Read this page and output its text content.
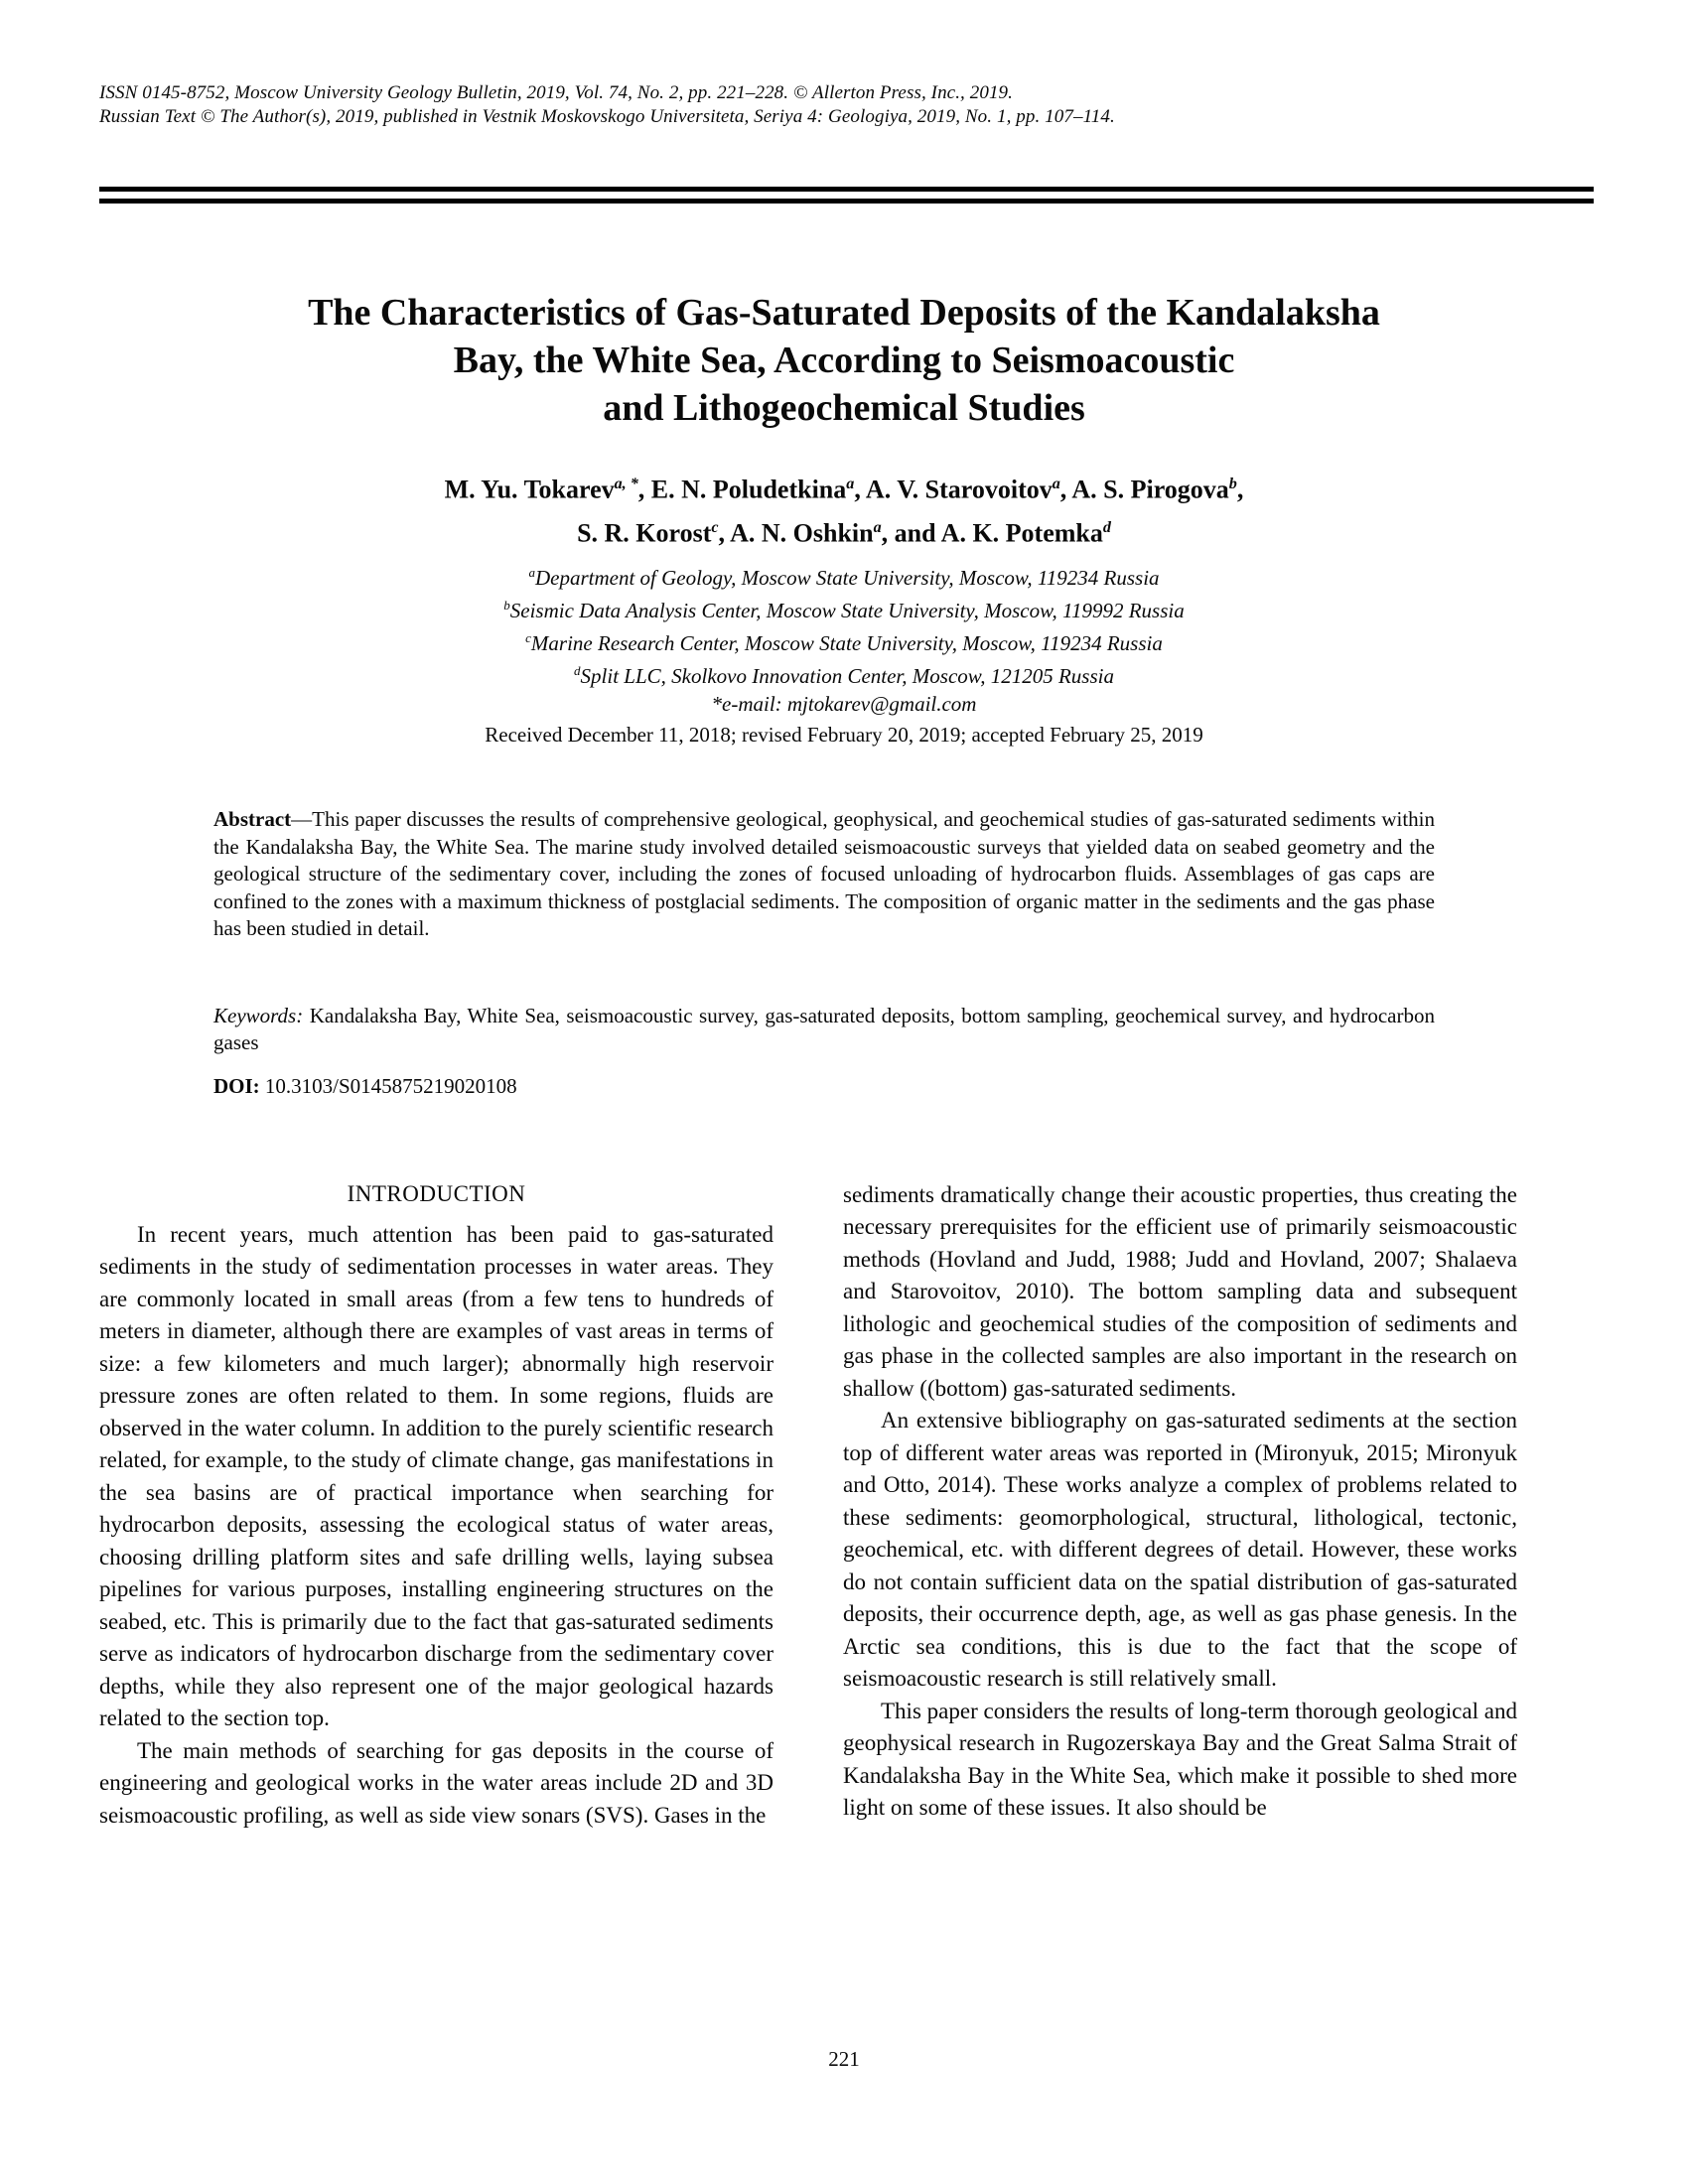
ISSN 0145-8752, Moscow University Geology Bulletin, 2019, Vol. 74, No. 2, pp. 221–228. © Allerton Press, Inc., 2019.
Russian Text © The Author(s), 2019, published in Vestnik Moskovskogo Universiteta, Seriya 4: Geologiya, 2019, No. 1, pp. 107–114.
The Characteristics of Gas-Saturated Deposits of the Kandalaksha
Bay, the White Sea, According to Seismoacoustic
and Lithogeochemical Studies
M. Yu. Tokarev$^{a, *}$, E. N. Poludetkina$^a$, A. V. Starovoitov$^a$, A. S. Pirogova$^b$,
S. R. Korost$^c$, A. N. Oshkin$^a$, and A. K. Potemka$^d$
$^a$Department of Geology, Moscow State University, Moscow, 119234 Russia
$^b$Seismic Data Analysis Center, Moscow State University, Moscow, 119992 Russia
$^c$Marine Research Center, Moscow State University, Moscow, 119234 Russia
$^d$Split LLC, Skolkovo Innovation Center, Moscow, 121205 Russia
*e-mail: mjtokarev@gmail.com
Received December 11, 2018; revised February 20, 2019; accepted February 25, 2019
Abstract—This paper discusses the results of comprehensive geological, geophysical, and geochemical studies of gas-saturated sediments within the Kandalaksha Bay, the White Sea. The marine study involved detailed seismoacoustic surveys that yielded data on seabed geometry and the geological structure of the sedimentary cover, including the zones of focused unloading of hydrocarbon fluids. Assemblages of gas caps are confined to the zones with a maximum thickness of postglacial sediments. The composition of organic matter in the sediments and the gas phase has been studied in detail.
Keywords: Kandalaksha Bay, White Sea, seismoacoustic survey, gas-saturated deposits, bottom sampling, geochemical survey, and hydrocarbon gases
DOI: 10.3103/S0145875219020108
INTRODUCTION

In recent years, much attention has been paid to gas-saturated sediments in the study of sedimentation processes in water areas. They are commonly located in small areas (from a few tens to hundreds of meters in diameter, although there are examples of vast areas in terms of size: a few kilometers and much larger); abnormally high reservoir pressure zones are often related to them. In some regions, fluids are observed in the water column. In addition to the purely scientific research related, for example, to the study of climate change, gas manifestations in the sea basins are of practical importance when searching for hydrocarbon deposits, assessing the ecological status of water areas, choosing drilling platform sites and safe drilling wells, laying subsea pipelines for various purposes, installing engineering structures on the seabed, etc. This is primarily due to the fact that gas-saturated sediments serve as indicators of hydrocarbon discharge from the sedimentary cover depths, while they also represent one of the major geological hazards related to the section top.

The main methods of searching for gas deposits in the course of engineering and geological works in the water areas include 2D and 3D seismoacoustic profiling, as well as side view sonars (SVS). Gases in the

sediments dramatically change their acoustic properties, thus creating the necessary prerequisites for the efficient use of primarily seismoacoustic methods (Hovland and Judd, 1988; Judd and Hovland, 2007; Shalaeva and Starovoitov, 2010). The bottom sampling data and subsequent lithologic and geochemical studies of the composition of sediments and gas phase in the collected samples are also important in the research on shallow ((bottom) gas-saturated sediments.

An extensive bibliography on gas-saturated sediments at the section top of different water areas was reported in (Mironyuk, 2015; Mironyuk and Otto, 2014). These works analyze a complex of problems related to these sediments: geomorphological, structural, lithological, tectonic, geochemical, etc. with different degrees of detail. However, these works do not contain sufficient data on the spatial distribution of gas-saturated deposits, their occurrence depth, age, as well as gas phase genesis. In the Arctic sea conditions, this is due to the fact that the scope of seismoacoustic research is still relatively small.

This paper considers the results of long-term thorough geological and geophysical research in Rugozerskaya Bay and the Great Salma Strait of Kandalaksha Bay in the White Sea, which make it possible to shed more light on some of these issues. It also should be

221
